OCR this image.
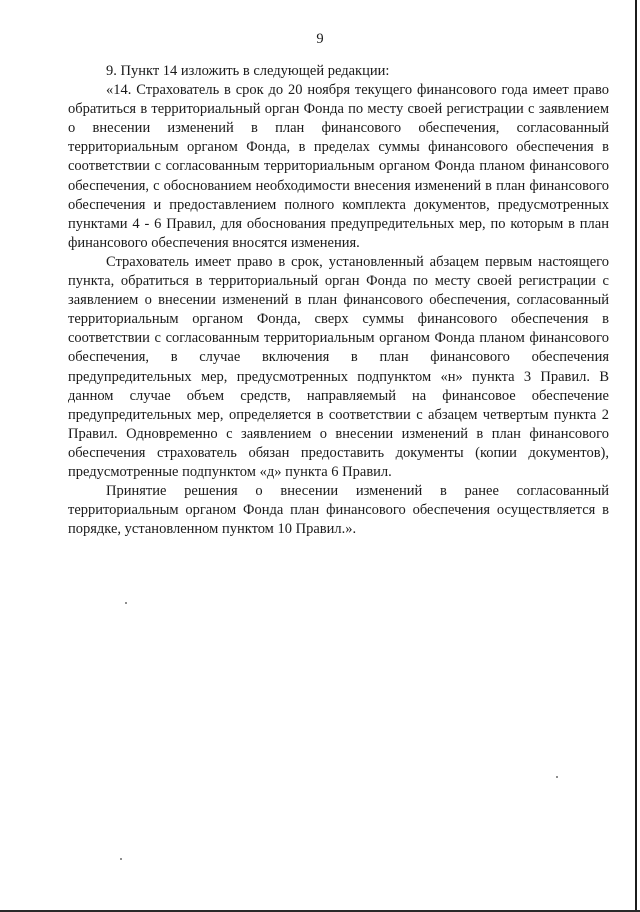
9

9. Пункт 14 изложить в следующей редакции:

«14. Страхователь в срок до 20 ноября текущего финансового года имеет право обратиться в территориальный орган Фонда по месту своей регистрации с заявлением о внесении изменений в план финансового обеспечения, согласованный территориальным органом Фонда, в пределах суммы финансового обеспечения в соответствии с согласованным территориальным органом Фонда планом финансового обеспечения, с обоснованием необходимости внесения изменений в план финансового обеспечения и предоставлением полного комплекта документов, предусмотренных пунктами 4 - 6 Правил, для обоснования предупредительных мер, по которым в план финансового обеспечения вносятся изменения.

Страхователь имеет право в срок, установленный абзацем первым настоящего пункта, обратиться в территориальный орган Фонда по месту своей регистрации с заявлением о внесении изменений в план финансового обеспечения, согласованный территориальным органом Фонда, сверх суммы финансового обеспечения в соответствии с согласованным территориальным органом Фонда планом финансового обеспечения, в случае включения в план финансового обеспечения предупредительных мер, предусмотренных подпунктом «н» пункта 3 Правил. В данном случае объем средств, направляемый на финансовое обеспечение предупредительных мер, определяется в соответствии с абзацем четвертым пункта 2 Правил. Одновременно с заявлением о внесении изменений в план финансового обеспечения страхователь обязан предоставить документы (копии документов), предусмотренные подпунктом «д» пункта 6 Правил.

Принятие решения о внесении изменений в ранее согласованный территориальным органом Фонда план финансового обеспечения осуществляется в порядке, установленном пунктом 10 Правил.».
